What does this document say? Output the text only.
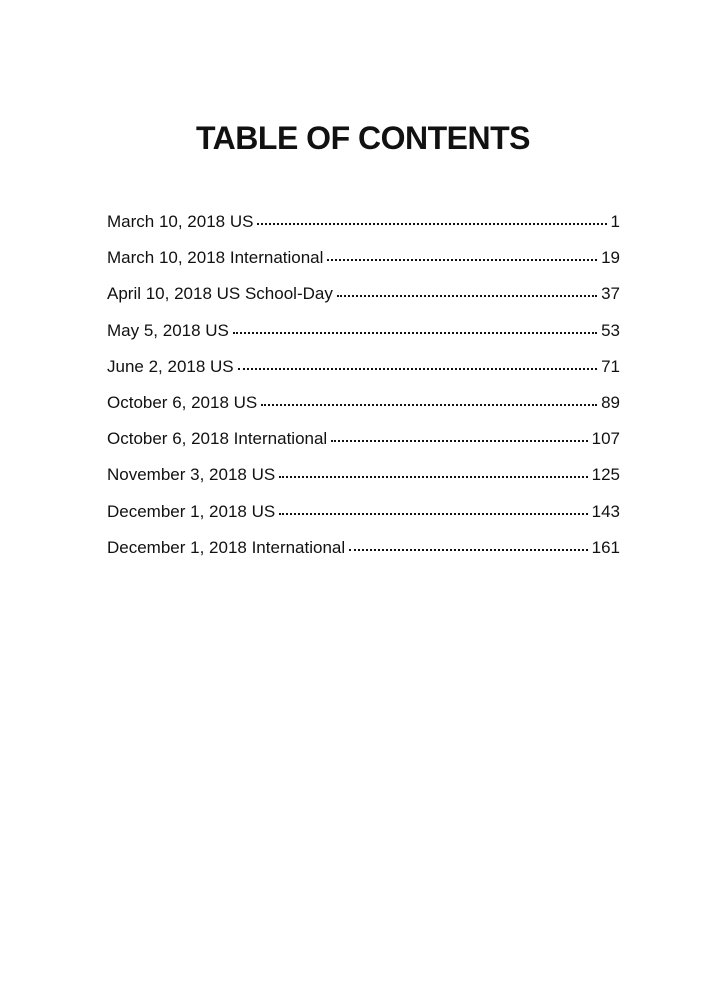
TABLE OF CONTENTS
March 10, 2018 US	1
March 10, 2018 International	19
April 10, 2018 US School-Day	37
May 5, 2018 US	53
June 2, 2018 US	71
October 6, 2018 US	89
October 6, 2018 International	107
November 3, 2018 US	125
December 1, 2018 US	143
December 1, 2018 International	161
